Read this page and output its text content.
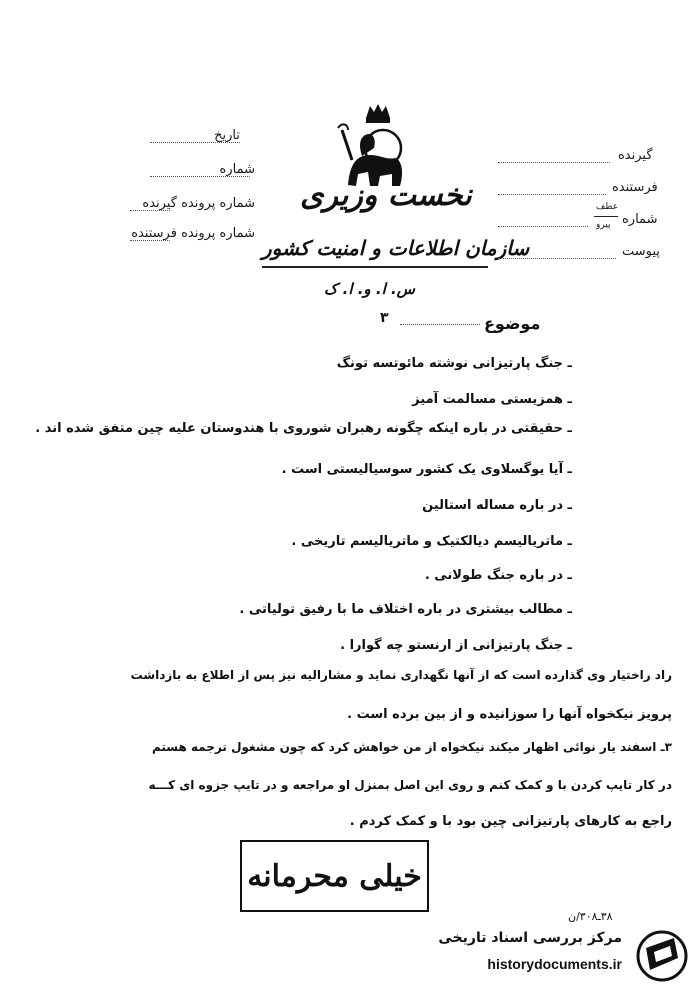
تاریخ
شماره
شماره پرونده گیرنده
شماره پرونده فرستنده
نخست وزیری
سازمان اطلاعات و امنیت کشور
س. ا. و. ا. ک
گیرنده
فرستنده
شماره
عطف
پیرو
پیوست
۳	موضوع
ـ جنگ پارتیزانی نوشته مائوتسه تونگ
ـ همزیستی مسالمت آمیز
ـ حقیقتی در باره اینکه چگونه رهبران شوروی با هندوستان علیه چین متفق شده اند .
ـ آیا یوگسلاوی یک کشور سوسیالیستی است .
ـ در باره مساله استالین
ـ ماتریالیسم دیالکتیک و ماتریالیسم تاریخی .
ـ در باره جنگ طولانی .
ـ مطالب بیشتری در باره اختلاف ما با رفیق تولیاتی .
ـ جنگ پارتیزانی از ارنستو چه گوارا .
راد راختیار وی گذارده است که از آنها نگهداری نماید و مشارالیه نیز پس از اطلاع به بازداشت
پرویز نیکخواه آنها را سوزانیده و از بین برده است .
۳ـ اسفند یار نوائی اظهار میکند نیکخواه از من خواهش کرد که چون مشغول ترجمه هستم
در کار تایپ کردن با و کمک کنم و روی این اصل بمنزل او مراجعه و در تایپ جزوه ای کـــه
راجع به کارهای پارتیزانی چین بود با و کمک کردم .
خیلی محرمانه
۳۸ـ۳۰۸/ن
مرکز بررسی اسناد تاریخی
historydocuments.ir
